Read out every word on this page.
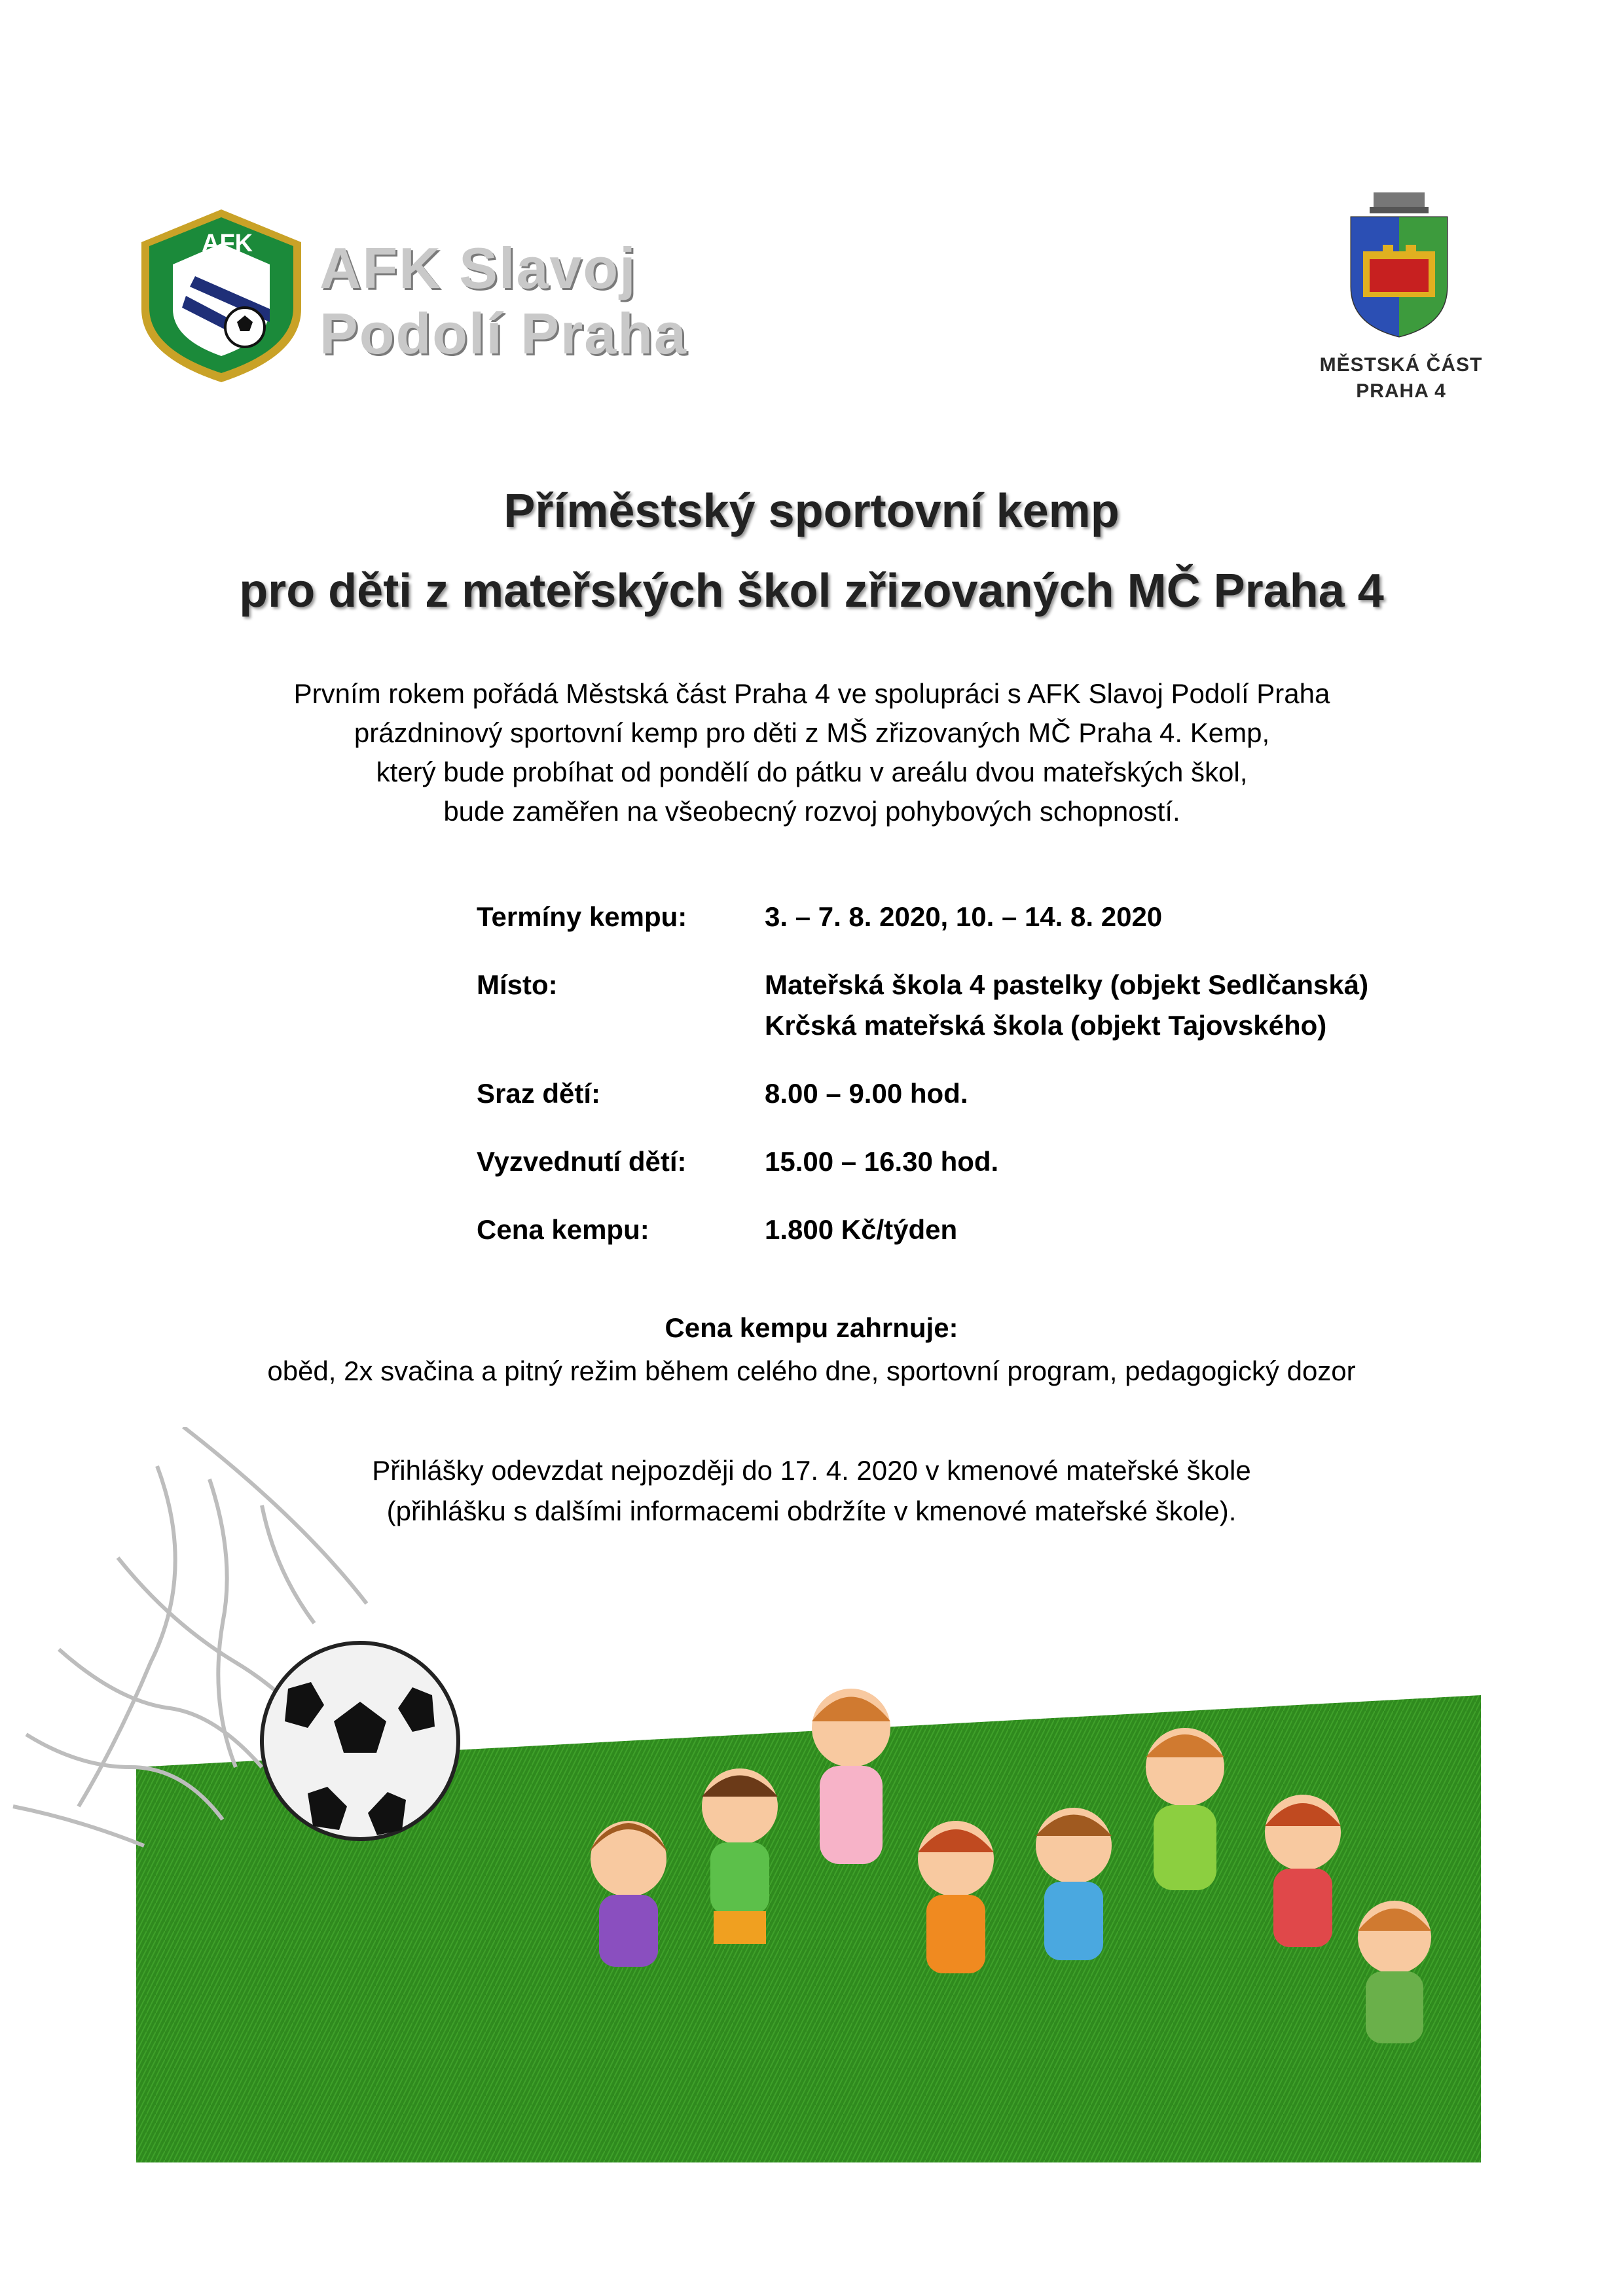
AFK AFK Slavoj
Podolí Praha	MĚSTSKÁ ČÁST
PRAHA 4
Příměstský sportovní kemp
pro děti z mateřských škol zřizovaných MČ Praha 4
Prvním rokem pořádá Městská část Praha 4 ve spolupráci s AFK Slavoj Podolí Praha
prázdninový sportovní kemp pro děti z MŠ zřizovaných MČ Praha 4. Kemp,
který bude probíhat od pondělí do pátku v areálu dvou mateřských škol,
bude zaměřen na všeobecný rozvoj pohybových schopností.
Termíny kempu:	3. – 7. 8. 2020, 10. – 14. 8. 2020
Místo:	Mateřská škola 4 pastelky (objekt Sedlčanská)
Krčská mateřská škola (objekt Tajovského)
Sraz dětí:	8.00 – 9.00 hod.
Vyzvednutí dětí:	15.00 – 16.30 hod.
Cena kempu:	1.800 Kč/týden
Cena kempu zahrnuje:
oběd, 2x svačina a pitný režim během celého dne, sportovní program, pedagogický dozor
Přihlášky odevzdat nejpozději do 17. 4. 2020 v kmenové mateřské škole
(přihlášku s dalšími informacemi obdržíte v kmenové mateřské škole).
